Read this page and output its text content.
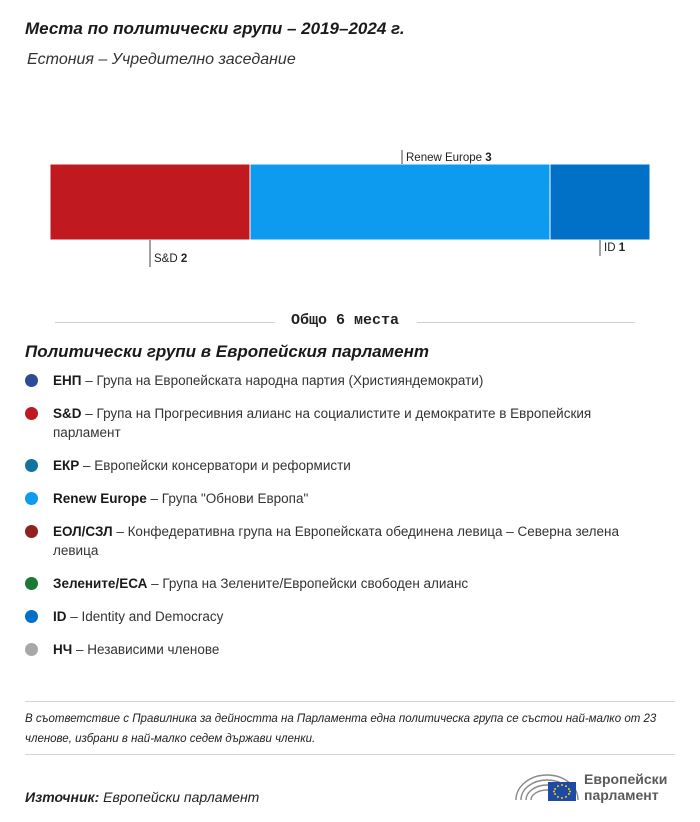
Места по политически групи – 2019–2024 г.
Естония – Учредително заседание
S&D 2
Renew Europe 3
ID 1
Общо 6 места
Политически групи в Европейския парламент
ЕНП – Група на Европейската народна партия (Християндемократи)
S&D – Група на Прогресивния алианс на социалистите и демократите в Европейския парламент
ЕКР – Европейски консерватори и реформисти
Renew Europe – Група "Обнови Европа"
ЕОЛ/СЗЛ – Конфедеративна група на Европейската обединена левица – Северна зелена левица
Зелените/ЕСА – Група на Зелените/Европейски свободен алианс
ID – Identity and Democracy
НЧ – Независими членове
В съответствие с Правилника за дейността на Парламента една политическа група се състои най-малко от 23 членове, избрани в най-малко седем държави членки.
Източник: Европейски парламент
Европейски
парламент
